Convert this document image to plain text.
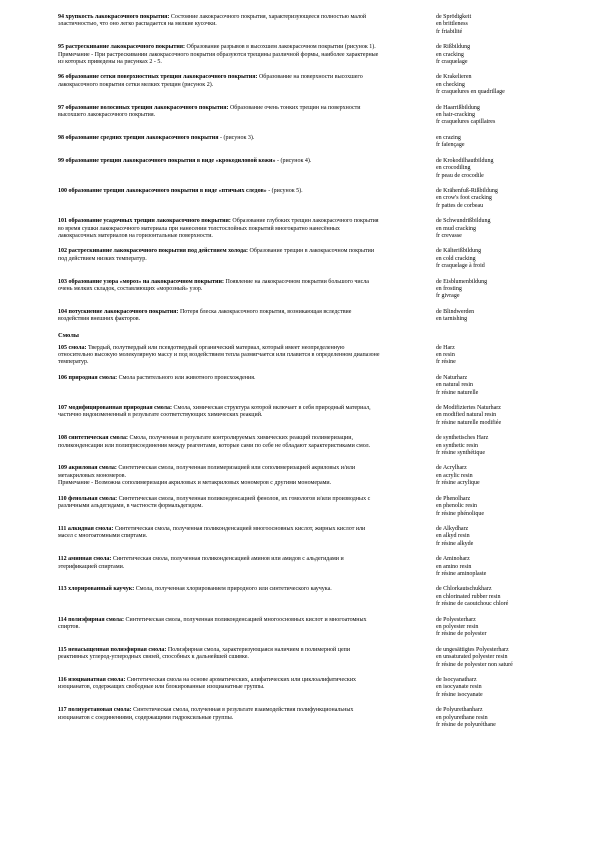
94 хрупкость лакокрасочного покрытия: Состояние лакокрасочного покрытия, характеризующееся полностью малой эластичностью, что оно легко распадается на мелкие кусочки.
de Sprödigkeit
en brittleness
fr friabilité
95 растрескивание лакокрасочного покрытия: Образование разрывов в высохшем лакокрасочном покрытии (рисунок 1).
Примечание - При растрескивании лакокрасочного покрытия образуются трещины различной формы, наиболее характерные из которых приведены на рисунках 2 - 5.
de Rißbildung
en cracking
fr craquelage
96 образование сетки поверхностных трещин лакокрасочного покрытия: Образование на поверхности высохшего лакокрасочного покрытия сетки мелких трещин (рисунок 2).
de Krakelieren
en checking
fr craquelures en quadrillage
97 образование волосяных трещин лакокрасочного покрытия: Образование очень тонких трещин на поверхности высохшего лакокрасочного покрытия.
de Haarrißbildung
en hair-cracking
fr craquelures capillaires
98 образование средних трещин лакокрасочного покрытия - (рисунок 3).	en crazing
fr faïençage
99 образование трещин лакокрасочного покрытия в виде «крокодиловой кожи» - (рисунок 4).	de Krokodilhautbildung
en crocodiling
fr peau de crocodile
100 образование трещин лакокрасочного покрытия в виде «птичьих следов» - (рисунок 5).	de Krähenfuß-Rißbildung
en crow's foot cracking
fr pattes de corbeau
101 образование усадочных трещин лакокрасочного покрытия: Образование глубоких трещин лакокрасочного покрытия во время сушки лакокрасочного материала при нанесении толстослойных покрытий многократно нанесённых лакокрасочных материалов на горизонтальные поверхности.
de Schwundrißbildung
en mud cracking
fr crevasse
102 растрескивание лакокрасочного покрытия под действием холода: Образование трещин в лакокрасочном покрытии под действием низких температур.
de Kälterißbildung
en cold cracking
fr craquelage à froid
103 образование узора «мороз» на лакокрасочном покрытии: Появление на лакокрасочном покрытии большого числа очень мелких складок, составляющих «морозный» узор.
de Eisblumenbildung
en frosting
fr givrage
104 потускнение лакокрасочного покрытия: Потеря блеска лакокрасочного покрытия, возникающая вследствие воздействия внешних факторов.
de Blindwerden
en tarnishing
Смолы
105 смола: Твердый, полутвердый или псевдотвердый органический материал, который имеет неопределенную относительно высокую молекулярную массу и под воздействием тепла размягчается или плавится в определенном диапазоне температур.
de Harz
en resin
fr résine
106 природная смола: Смола растительного или животного происхождения.	de Naturharz
en natural resin
fr résine naturelle
107 модифицированная природная смола: Смола, химическая структура которой включает в себя природный материал, частично видоизмененный в результате соответствующих химических реакций.
de Modifiziertes Naturharz
en modified natural resin
fr résine naturelle modifiée
108 синтетическая смола: Смола, полученная в результате контролируемых химических реакций полимеризации, поликонденсации или полиприсоединения между реагентами, которые сами по себе не обладают характеристиками смол.
de synthetisches Harz
en synthetic resin
fr résine synthétique
109 акриловая смола: Синтетическая смола, полученная полимеризацией или сополимеризацией акриловых и/или метакриловых мономеров.
Примечание - Возможна сополимеризация акриловых и метакриловых мономеров с другими мономерами.
de Acrylharz
en acrylic resin
fr résine acrylique
110 фенольная смола: Синтетическая смола, полученная поликонденсацией фенолов, их гомологов и/или производных с различными альдегидами, в частности формальдегидом.
de Phenolharz
en phenolic resin
fr résine phénolique
111 алкидная смола: Синтетическая смола, полученная поликонденсацией многоосновных кислот, жирных кислот или масел с многоатомными спиртами.
de Alkydharz
en alkyd resin
fr résine alkyde
112 аминная смола: Синтетическая смола, полученная поликонденсацией аминов или амидов с альдегидами и этерификацией спиртами.
de Aminoharz
en amino resin
fr résine aminoplaste
113 хлорированный каучук: Смола, полученная хлорированием природного или синтетического каучука.	de Chlorkautschukharz
en chlorinated rubber resin
fr résine de caoutchouc chloré
114 полиэфирная смола: Синтетическая смола, полученная поликонденсацией многоосновных кислот и многоатомных спиртов.
de Polyesterharz
en polyester resin
fr résine de polyester
115 ненасыщенная полиэфирная смола: Полиэфирная смола, характеризующаяся наличием в полимерной цепи реактивных углерод-углеродных связей, способных к дальнейшей сшивке.
de ungesättigtes Polyesterharz
en unsaturated polyester resin
fr résine de polyester non saturé
116 изоцианатная смола: Синтетическая смола на основе ароматических, алифатических или циклоалифатических изоцианатов, содержащих свободные или блокированные изоцианатные группы.
de Isocyanatharz
en isocyanate resin
fr résine isocyanate
117 полиуретановая смола: Синтетическая смола, полученная в результате взаимодействия полифункциональных изоцианатов с соединениями, содержащими гидроксильные группы.
de Polyurethanharz
en polyurethane resin
fr résine de polyuréthane
